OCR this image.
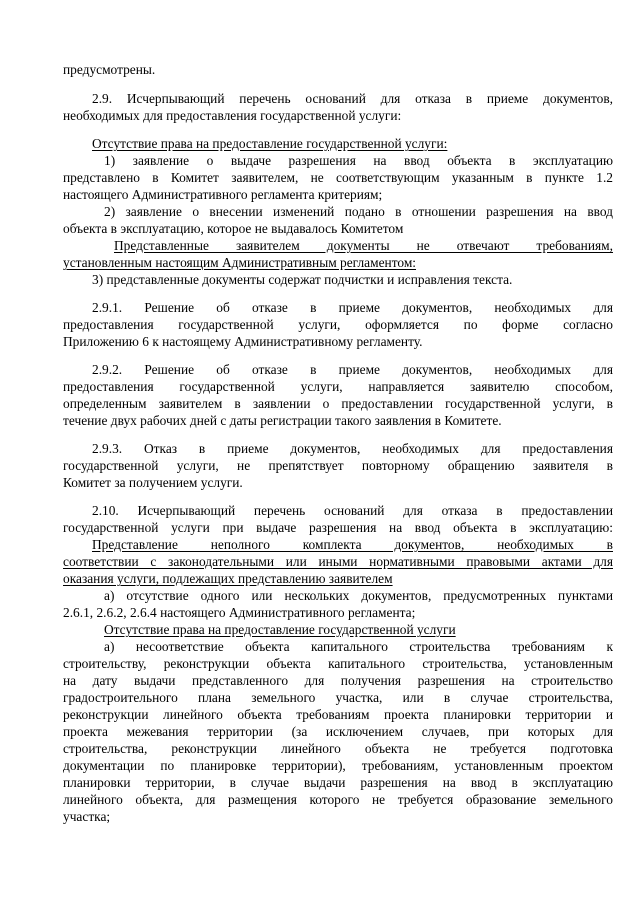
предусмотрены.
2.9. Исчерпывающий перечень оснований для отказа в приеме документов,
необходимых для предоставления государственной услуги:
Отсутствие права на предоставление государственной услуги:
1) заявление о выдаче разрешения на ввод объекта в эксплуатацию
представлено в Комитет заявителем, не соответствующим указанным в пункте 1.2
настоящего Административного регламента критериям;
2) заявление о внесении изменений подано в отношении разрешения на ввод
объекта в эксплуатацию, которое не выдавалось Комитетом
Представленные заявителем документы не отвечают требованиям,
установленным настоящим Административным регламентом:
3) представленные документы содержат подчистки и исправления текста.
2.9.1. Решение об отказе в приеме документов, необходимых для
предоставления государственной услуги, оформляется по форме согласно
Приложению 6 к настоящему Административному регламенту.
2.9.2. Решение об отказе в приеме документов, необходимых для
предоставления государственной услуги, направляется заявителю способом,
определенным заявителем в заявлении о предоставлении государственной услуги, в
течение двух рабочих дней с даты регистрации такого заявления в Комитете.
2.9.3. Отказ в приеме документов, необходимых для предоставления
государственной услуги, не препятствует повторному обращению заявителя в
Комитет за получением услуги.
2.10. Исчерпывающий перечень оснований для отказа в предоставлении
государственной услуги при выдаче разрешения на ввод объекта в эксплуатацию:
Представление неполного комплекта документов, необходимых в
соответствии с законодательными или иными нормативными правовыми актами для
оказания услуги, подлежащих представлению заявителем
а) отсутствие одного или нескольких документов, предусмотренных пунктами
2.6.1, 2.6.2, 2.6.4 настоящего Административного регламента;
Отсутствие права на предоставление государственной услуги
а) несоответствие объекта капитального строительства требованиям к
строительству, реконструкции объекта капитального строительства, установленным
на дату выдачи представленного для получения разрешения на строительство
градостроительного плана земельного участка, или в случае строительства,
реконструкции линейного объекта требованиям проекта планировки территории и
проекта межевания территории (за исключением случаев, при которых для
строительства, реконструкции линейного объекта не требуется подготовка
документации по планировке территории), требованиям, установленным проектом
планировки территории, в случае выдачи разрешения на ввод в эксплуатацию
линейного объекта, для размещения которого не требуется образование земельного
участка;
